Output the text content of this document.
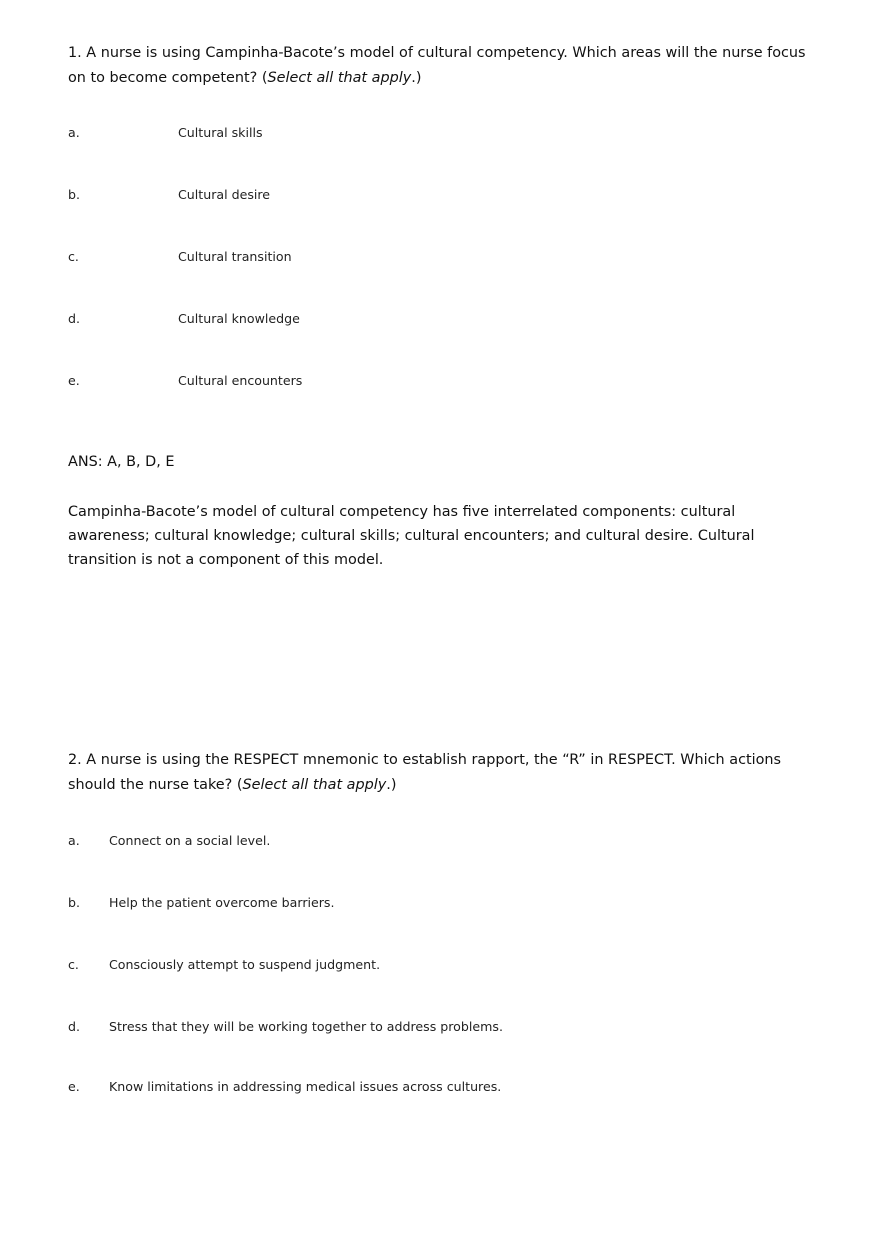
1. A nurse is using Campinha-Bacote’s model of cultural competency. Which areas will the nurse focus on to become competent? (Select all that apply.)
a.	Cultural skills
b.	Cultural desire
c.	Cultural transition
d.	Cultural knowledge
e.	Cultural encounters
ANS: A, B, D, E
Campinha-Bacote’s model of cultural competency has five interrelated components: cultural awareness; cultural knowledge; cultural skills; cultural encounters; and cultural desire. Cultural transition is not a component of this model.
2. A nurse is using the RESPECT mnemonic to establish rapport, the “R” in RESPECT. Which actions should the nurse take? (Select all that apply.)
a. Connect on a social level.
b. Help the patient overcome barriers.
c. Consciously attempt to suspend judgment.
d. Stress that they will be working together to address problems.
e. Know limitations in addressing medical issues across cultures.
